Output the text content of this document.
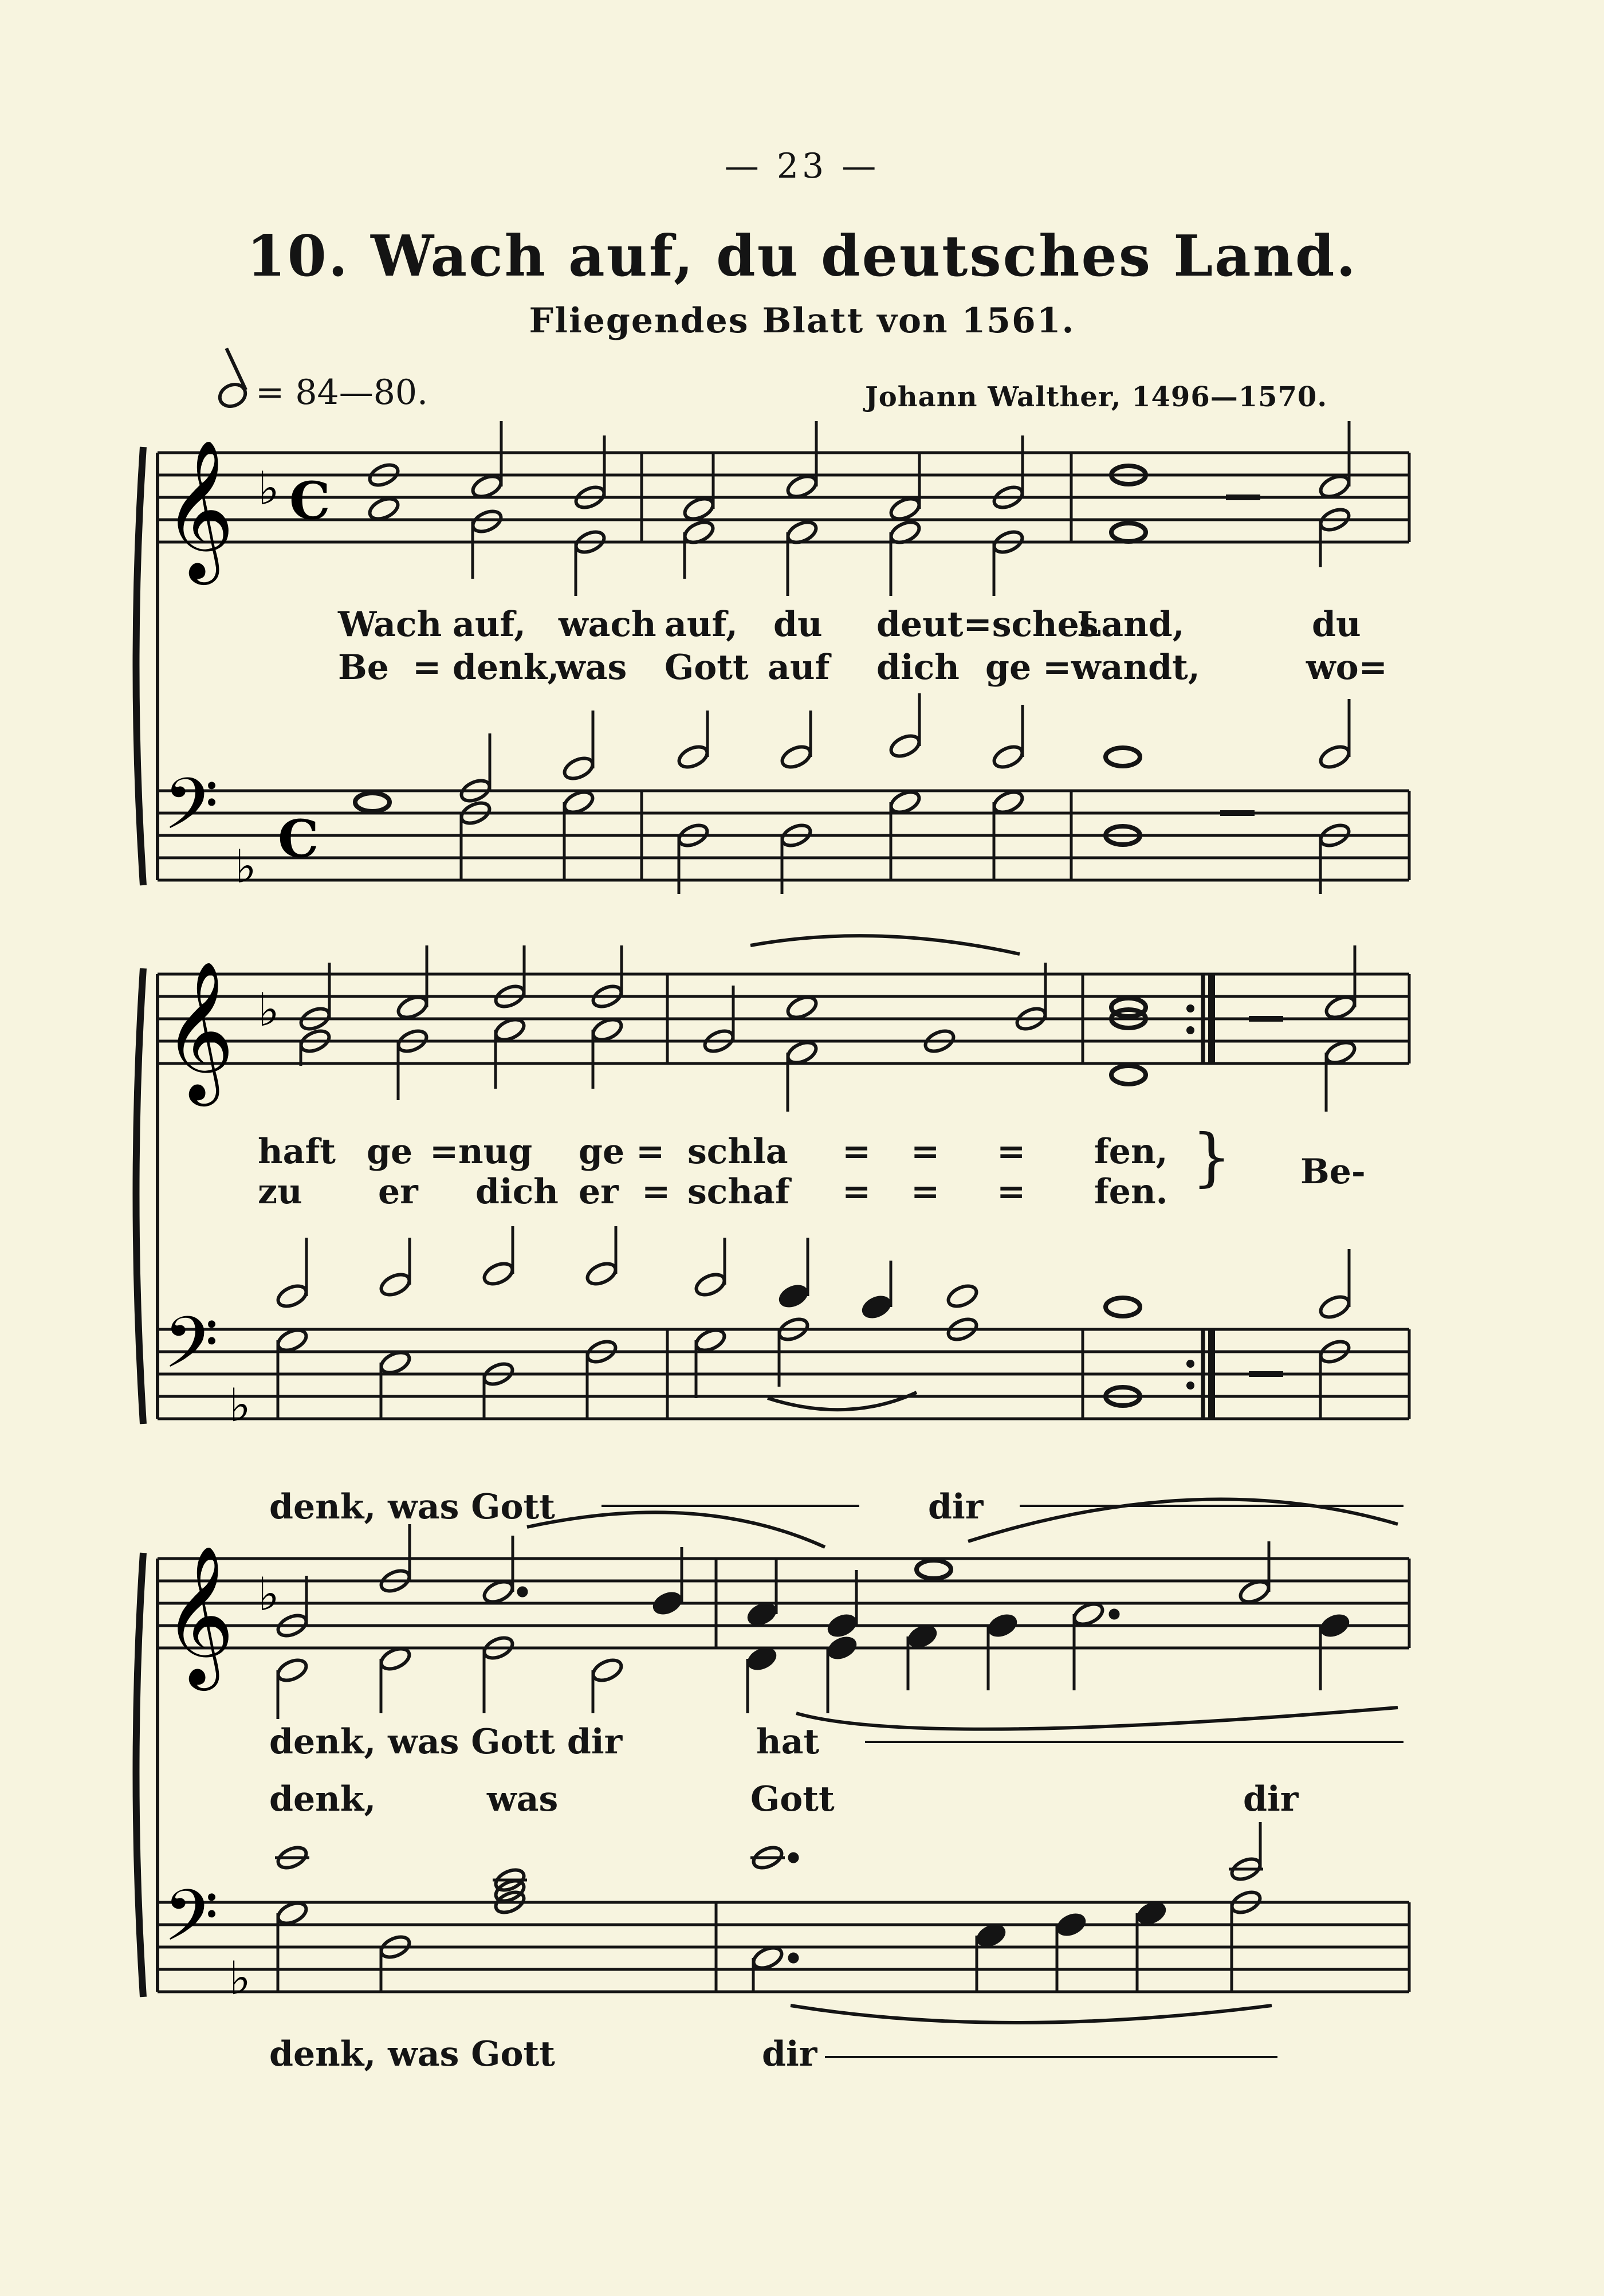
— 23 —
10. Wach auf, du deutsches Land.
Fliegendes Blatt von 1561.
= 84—80.	Johann Walther, 1496—1570.
𝄞 ♭ C
𝄢
♭ C
𝄞 ♭
𝄢
♭
𝄞 ♭
𝄢
♭
Wach auf, wach auf, du deut=sches
Land,	du
Be = denk,
was Gott auf dich ge = wandt,	wo=
haft ge = nug ge = schla = = = fen,
zu er dich er = schaf = = = fen. } Be-
denk, was Gott	dir
denk, was Gott dir	hat
denk,	was	Gott	dir
denk, was Gott	dir
